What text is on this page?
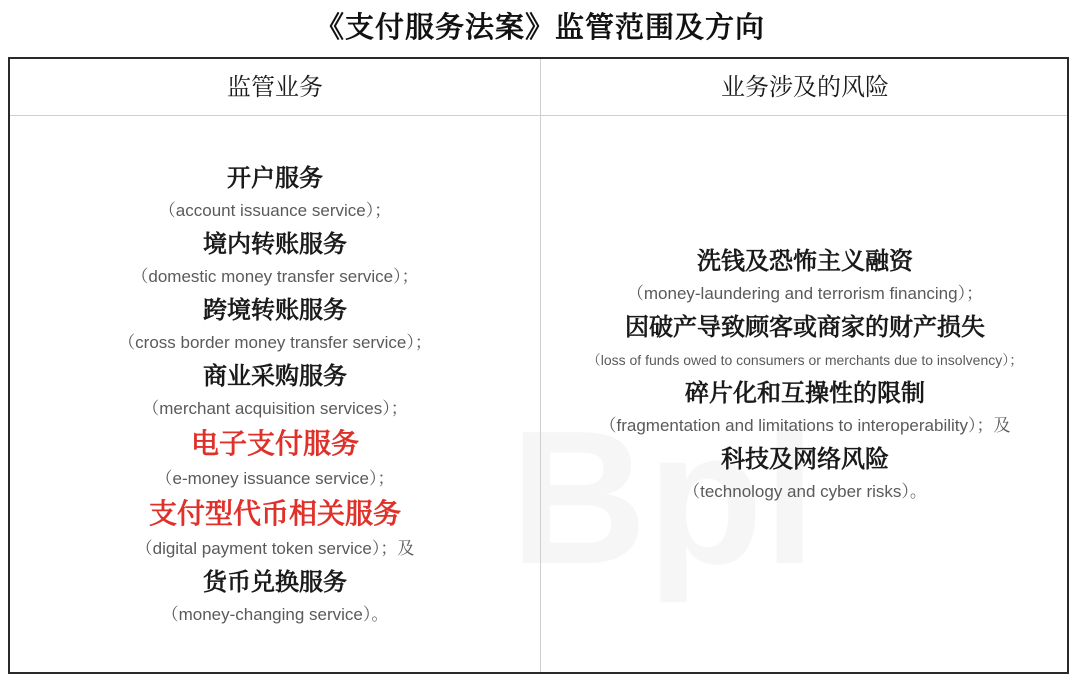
《支付服务法案》监管范围及方向
监管业务	业务涉及的风险
开户服务
（account issuance service）；
境内转账服务
（domestic money transfer service）；
跨境转账服务
（cross border money transfer service）；
商业采购服务
（merchant acquisition services）；
电子支付服务
（e-money issuance service）；
支付型代币相关服务
（digital payment token service）；及
货币兑换服务
（money-changing service）。
洗钱及恐怖主义融资
（money-laundering and terrorism financing）；
因破产导致顾客或商家的财产损失
（loss of funds owed to consumers or merchants due to insolvency）；
碎片化和互操性的限制
（fragmentation and limitations to interoperability）；及
科技及网络风险
（technology and cyber risks）。
